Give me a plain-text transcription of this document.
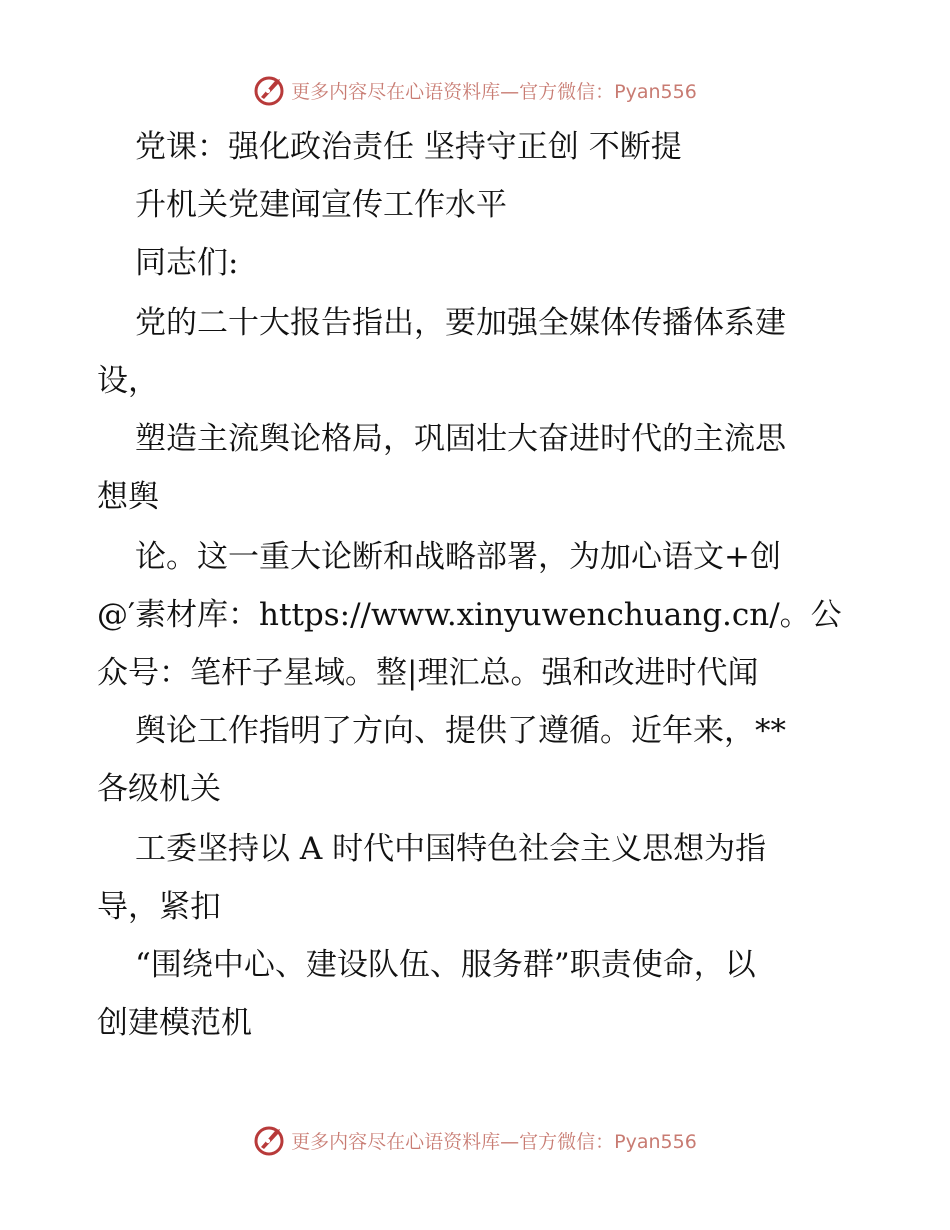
更多内容尽在心语资料库—官方微信：Pyan556
党课：强化政治责任 坚持守正创 不断提
升机关党建闻宣传工作水平
同志们:
党的二十大报告指出，要加强全媒体传播体系建
设，
塑造主流舆论格局，巩固壮大奋进时代的主流思
想舆
论。这一重大论断和战略部署，为加心语文+创
@′素材库：https://www.xinyuwenchuang.cn/。公
众号：笔杆子星域。整|理汇总。强和改进时代闻
舆论工作指明了方向、提供了遵循。近年来，**
各级机关
工委坚持以 A 时代中国特色社会主义思想为指
导，紧扣
“围绕中心、建设队伍、服务群”职责使命，以
创建模范机
更多内容尽在心语资料库—官方微信：Pyan556
